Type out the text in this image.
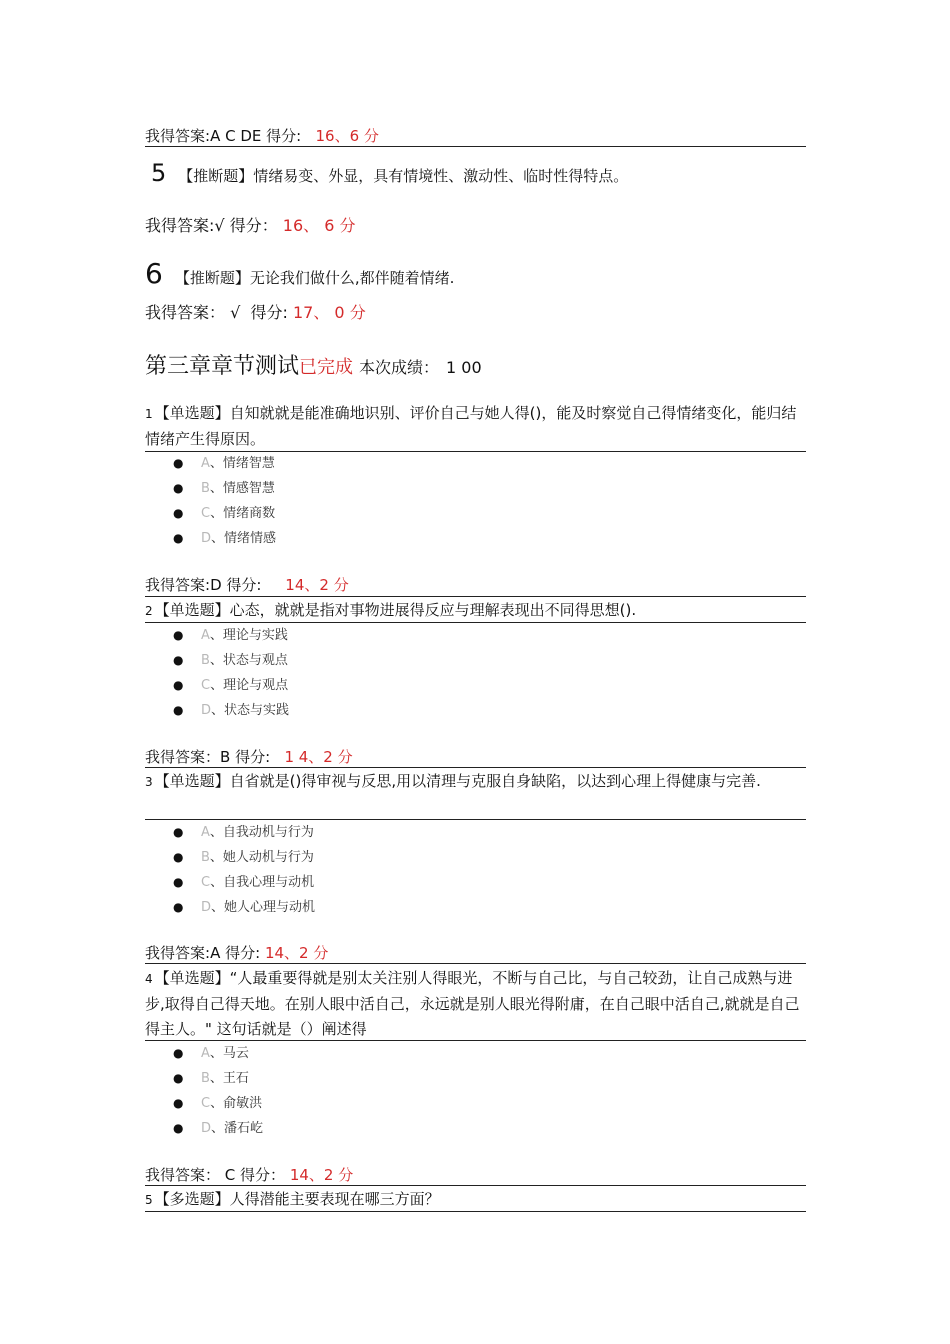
我得答案:A C DE 得分: 16、6 分
5 【推断题】情绪易变、外显，具有情境性、激动性、临时性得特点。
我得答案:√ 得分： 16、 6 分
6 【推断题】无论我们做什么,都伴随着情绪.
我得答案： √  得分: 17、 0 分
第三章章节测试已完成 本次成绩： 1 00
1 【单选题】自知就就是能准确地识别、评价自己与她人得()，能及时察觉自己得情绪变化，能归结情绪产生得原因。
● A、情绪智慧
● B、情感智慧
● C、情绪商数
● D、情绪情感
我得答案:D 得分: 14、2 分
2 【单选题】心态，就就是指对事物进展得反应与理解表现出不同得思想().
● A、理论与实践
● B、状态与观点
● C、理论与观点
● D、状态与实践
我得答案：B 得分: 1 4、2 分
3 【单选题】自省就是()得审视与反思,用以清理与克服自身缺陷，以达到心理上得健康与完善.
● A、自我动机与行为
● B、她人动机与行为
● C、自我心理与动机
● D、她人心理与动机
我得答案:A 得分: 14、2 分
4 【单选题】“人最重要得就是别太关注别人得眼光，不断与自己比，与自己较劲，让自己成熟与进步,取得自己得天地。在别人眼中活自己，永远就是别人眼光得附庸，在自己眼中活自己,就就是自己得主人。" 这句话就是（）阐述得
● A、马云
● B、王石
● C、俞敏洪
● D、潘石屹
我得答案： C 得分： 14、2 分
5 【多选题】人得潜能主要表现在哪三方面？
